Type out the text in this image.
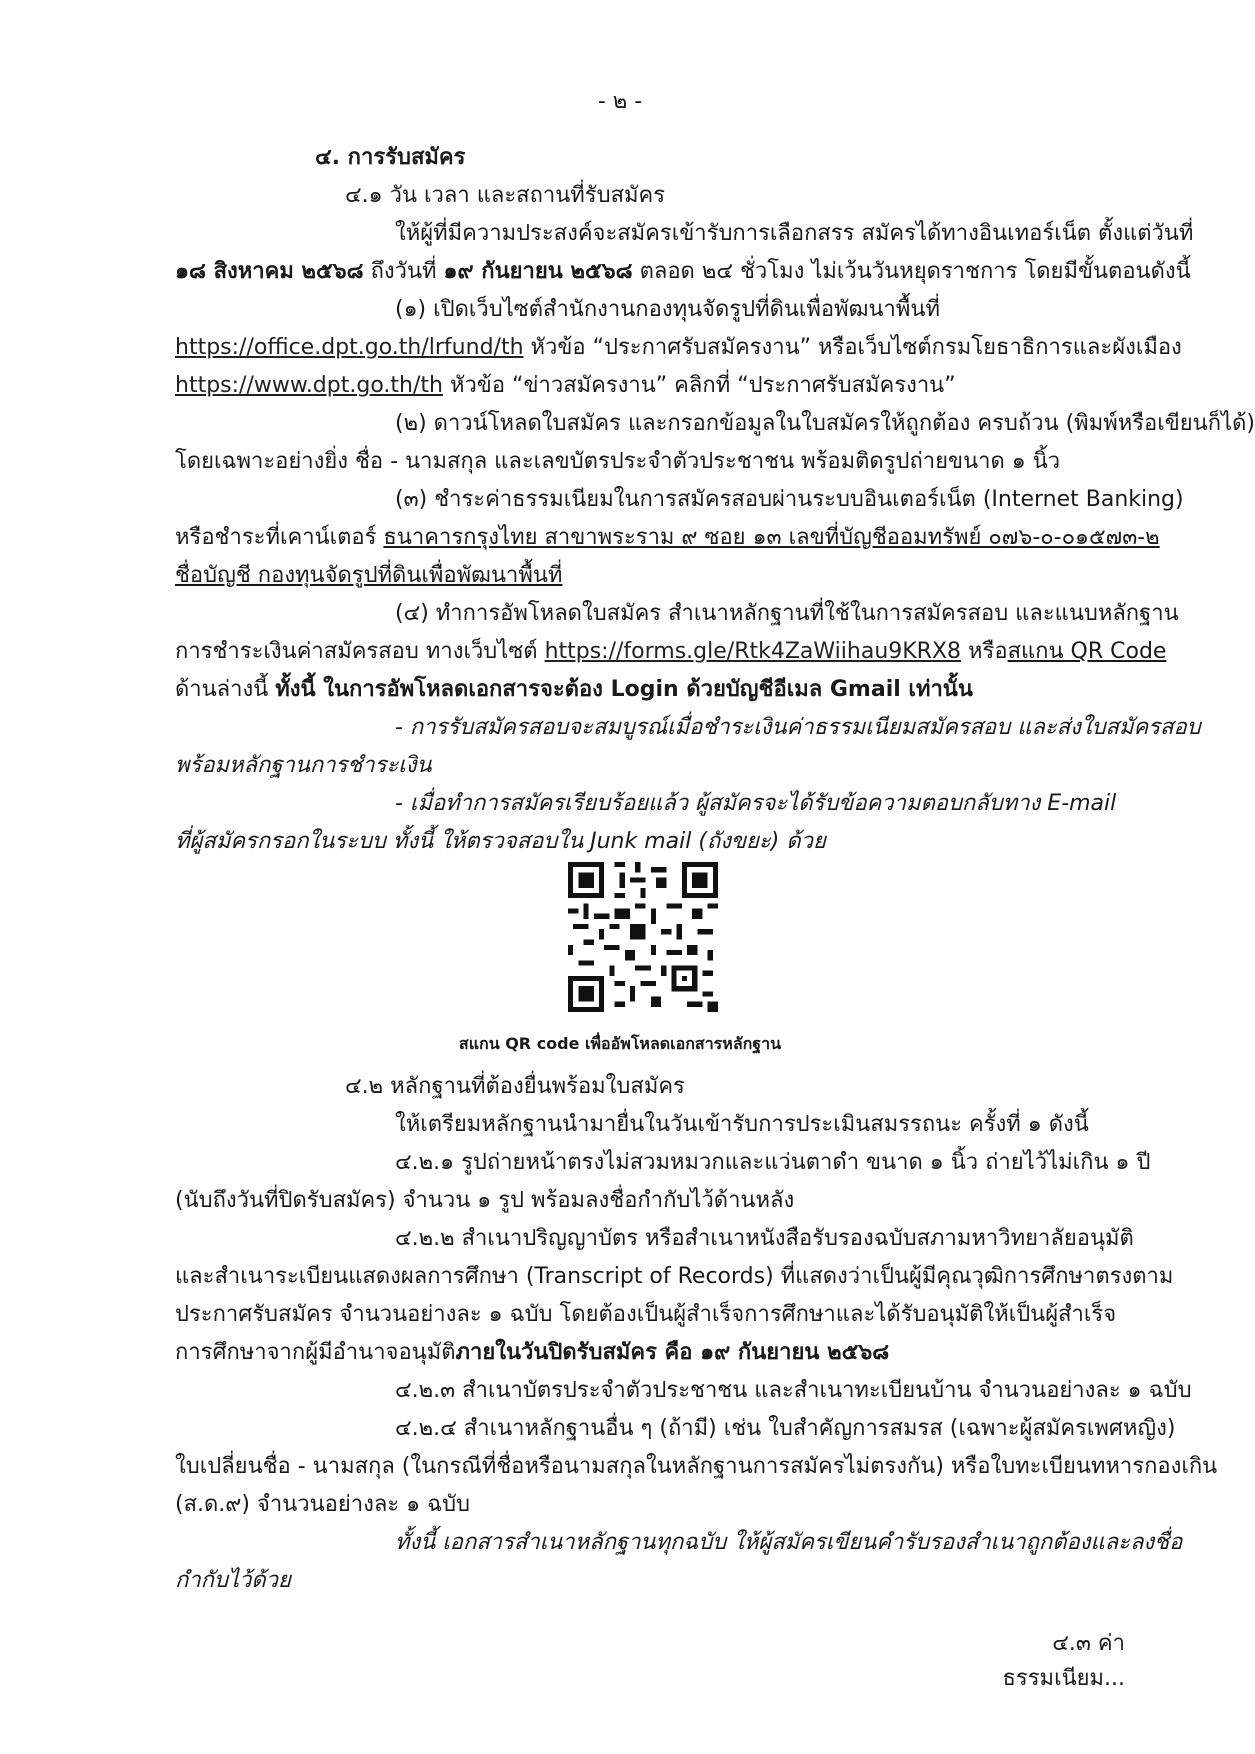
- ๒ -
๔. การรับสมัคร
๔.๑ วัน เวลา และสถานที่รับสมัคร
ให้ผู้ที่มีความประสงค์จะสมัครเข้ารับการเลือกสรร สมัครได้ทางอินเทอร์เน็ต ตั้งแต่วันที่
๑๘ สิงหาคม ๒๕๖๘ ถึงวันที่ ๑๙ กันยายน ๒๕๖๘ ตลอด ๒๔ ชั่วโมง ไม่เว้นวันหยุดราชการ โดยมีขั้นตอนดังนี้
(๑) เปิดเว็บไซต์สำนักงานกองทุนจัดรูปที่ดินเพื่อพัฒนาพื้นที่
https://office.dpt.go.th/lrfund/th หัวข้อ “ประกาศรับสมัครงาน” หรือเว็บไซต์กรมโยธาธิการและผังเมือง
https://www.dpt.go.th/th หัวข้อ “ข่าวสมัครงาน” คลิกที่ “ประกาศรับสมัครงาน”
(๒) ดาวน์โหลดใบสมัคร และกรอกข้อมูลในใบสมัครให้ถูกต้อง ครบถ้วน (พิมพ์หรือเขียนก็ได้)
โดยเฉพาะอย่างยิ่ง ชื่อ - นามสกุล และเลขบัตรประจำตัวประชาชน พร้อมติดรูปถ่ายขนาด ๑ นิ้ว
(๓) ชำระค่าธรรมเนียมในการสมัครสอบผ่านระบบอินเตอร์เน็ต (Internet Banking)
หรือชำระที่เคาน์เตอร์ ธนาคารกรุงไทย สาขาพระราม ๙ ซอย ๑๓ เลขที่บัญชีออมทรัพย์ ๐๗๖-๐-๐๑๕๗๓-๒
ชื่อบัญชี กองทุนจัดรูปที่ดินเพื่อพัฒนาพื้นที่
(๔) ทำการอัพโหลดใบสมัคร สำเนาหลักฐานที่ใช้ในการสมัครสอบ และแนบหลักฐาน
การชำระเงินค่าสมัครสอบ ทางเว็บไซต์ https://forms.gle/Rtk4ZaWiihau9KRX8 หรือสแกน QR Code
ด้านล่างนี้ ทั้งนี้ ในการอัพโหลดเอกสารจะต้อง Login ด้วยบัญชีอีเมล Gmail เท่านั้น
- การรับสมัครสอบจะสมบูรณ์เมื่อชำระเงินค่าธรรมเนียมสมัครสอบ และส่งใบสมัครสอบ
พร้อมหลักฐานการชำระเงิน
- เมื่อทำการสมัครเรียบร้อยแล้ว ผู้สมัครจะได้รับข้อความตอบกลับทาง E-mail
ที่ผู้สมัครกรอกในระบบ ทั้งนี้ ให้ตรวจสอบใน Junk mail (ถังขยะ) ด้วย
สแกน QR code เพื่ออัพโหลดเอกสารหลักฐาน
๔.๒ หลักฐานที่ต้องยื่นพร้อมใบสมัคร
ให้เตรียมหลักฐานนำมายื่นในวันเข้ารับการประเมินสมรรถนะ ครั้งที่ ๑ ดังนี้
๔.๒.๑ รูปถ่ายหน้าตรงไม่สวมหมวกและแว่นตาดำ ขนาด ๑ นิ้ว ถ่ายไว้ไม่เกิน ๑ ปี
(นับถึงวันที่ปิดรับสมัคร) จำนวน ๑ รูป พร้อมลงชื่อกำกับไว้ด้านหลัง
๔.๒.๒ สำเนาปริญญาบัตร หรือสำเนาหนังสือรับรองฉบับสภามหาวิทยาลัยอนุมัติ
และสำเนาระเบียนแสดงผลการศึกษา (Transcript of Records) ที่แสดงว่าเป็นผู้มีคุณวุฒิการศึกษาตรงตาม
ประกาศรับสมัคร จำนวนอย่างละ ๑ ฉบับ โดยต้องเป็นผู้สำเร็จการศึกษาและได้รับอนุมัติให้เป็นผู้สำเร็จ
การศึกษาจากผู้มีอำนาจอนุมัติภายในวันปิดรับสมัคร คือ ๑๙ กันยายน ๒๕๖๘
๔.๒.๓ สำเนาบัตรประจำตัวประชาชน และสำเนาทะเบียนบ้าน จำนวนอย่างละ ๑ ฉบับ
๔.๒.๔ สำเนาหลักฐานอื่น ๆ (ถ้ามี) เช่น ใบสำคัญการสมรส (เฉพาะผู้สมัครเพศหญิง)
ใบเปลี่ยนชื่อ - นามสกุล (ในกรณีที่ชื่อหรือนามสกุลในหลักฐานการสมัครไม่ตรงกัน) หรือใบทะเบียนทหารกองเกิน
(ส.ด.๙) จำนวนอย่างละ ๑ ฉบับ
ทั้งนี้ เอกสารสำเนาหลักฐานทุกฉบับ ให้ผู้สมัครเขียนคำรับรองสำเนาถูกต้องและลงชื่อ
กำกับไว้ด้วย
๔.๓ ค่าธรรมเนียม...
